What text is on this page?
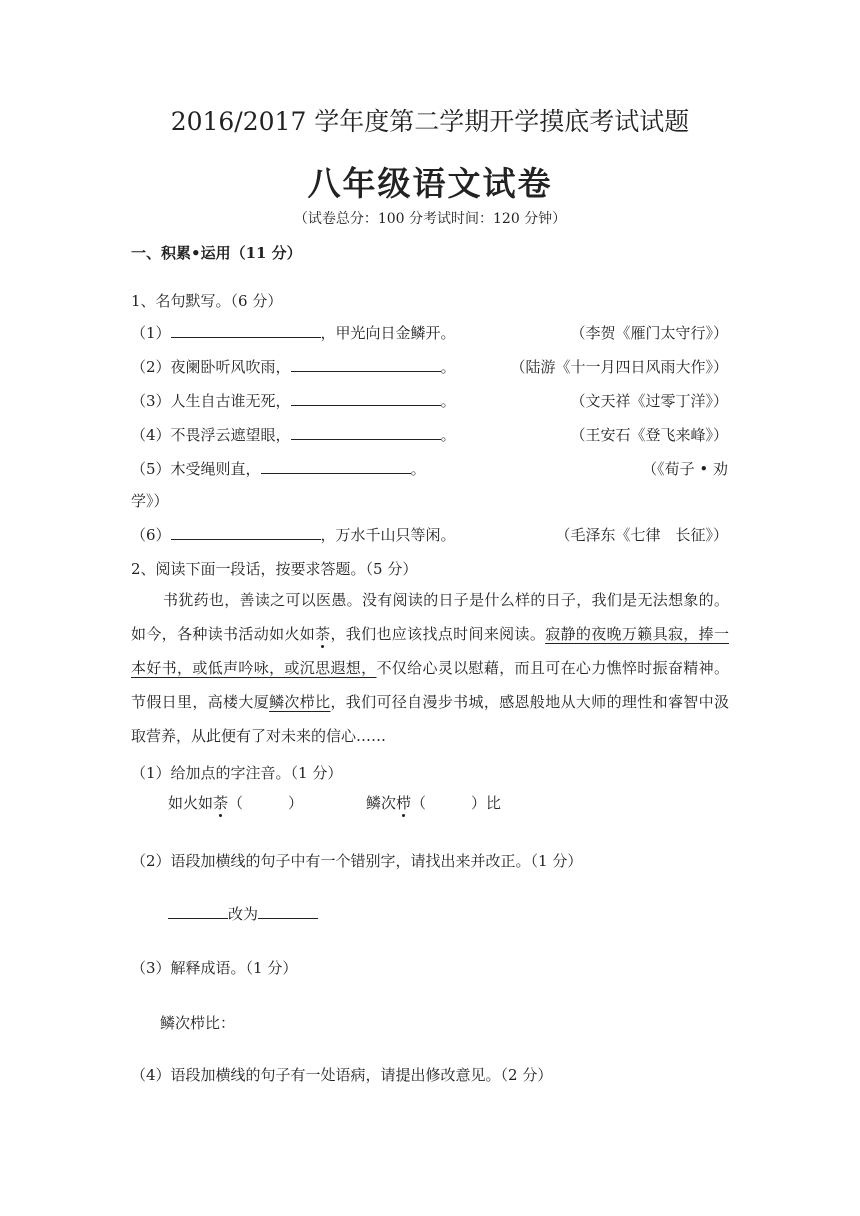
2016/2017 学年度第二学期开学摸底考试试题
八年级语文试卷
（试卷总分：100 分考试时间：120 分钟）
一、积累•运用（11 分）
1、名句默写。（6 分）
（1）	，甲光向日金鳞开。	（李贺《雁门太守行》）
（2）夜阑卧听风吹雨，	。	（陆游《十一月四日风雨大作》）
（3）人生自古谁无死，	。	（文天祥《过零丁洋》）
（4）不畏浮云遮望眼，	。	（王安石《登飞来峰》）
（5）木受绳则直，	。	（《荀子 • 劝
学》）
（6）	，万水千山只等闲。	（毛泽东《七律　长征》）
2、阅读下面一段话，按要求答题。（5 分）

书犹药也，善读之可以医愚。没有阅读的日子是什么样的日子，我们是无法想象的。如今，各种读书活动如火如荼，我们也应该找点时间来阅读。寂静的夜晚万籁具寂，捧一本好书，或低声吟咏，或沉思遐想，不仅给心灵以慰藉，而且可在心力憔悴时振奋精神。节假日里，高楼大厦鳞次栉比，我们可径自漫步书城，感恩般地从大师的理性和睿智中汲取营养，从此便有了对未来的信心……

（1）给加点的字注音。（1 分）
如火如荼（　　　）	鳞次栉（　　　）比
（2）语段加横线的句子中有一个错别字，请找出来并改正。（1 分）
改为
（3）解释成语。（1 分）
鳞次栉比：
（4）语段加横线的句子有一处语病，请提出修改意见。（2 分）
